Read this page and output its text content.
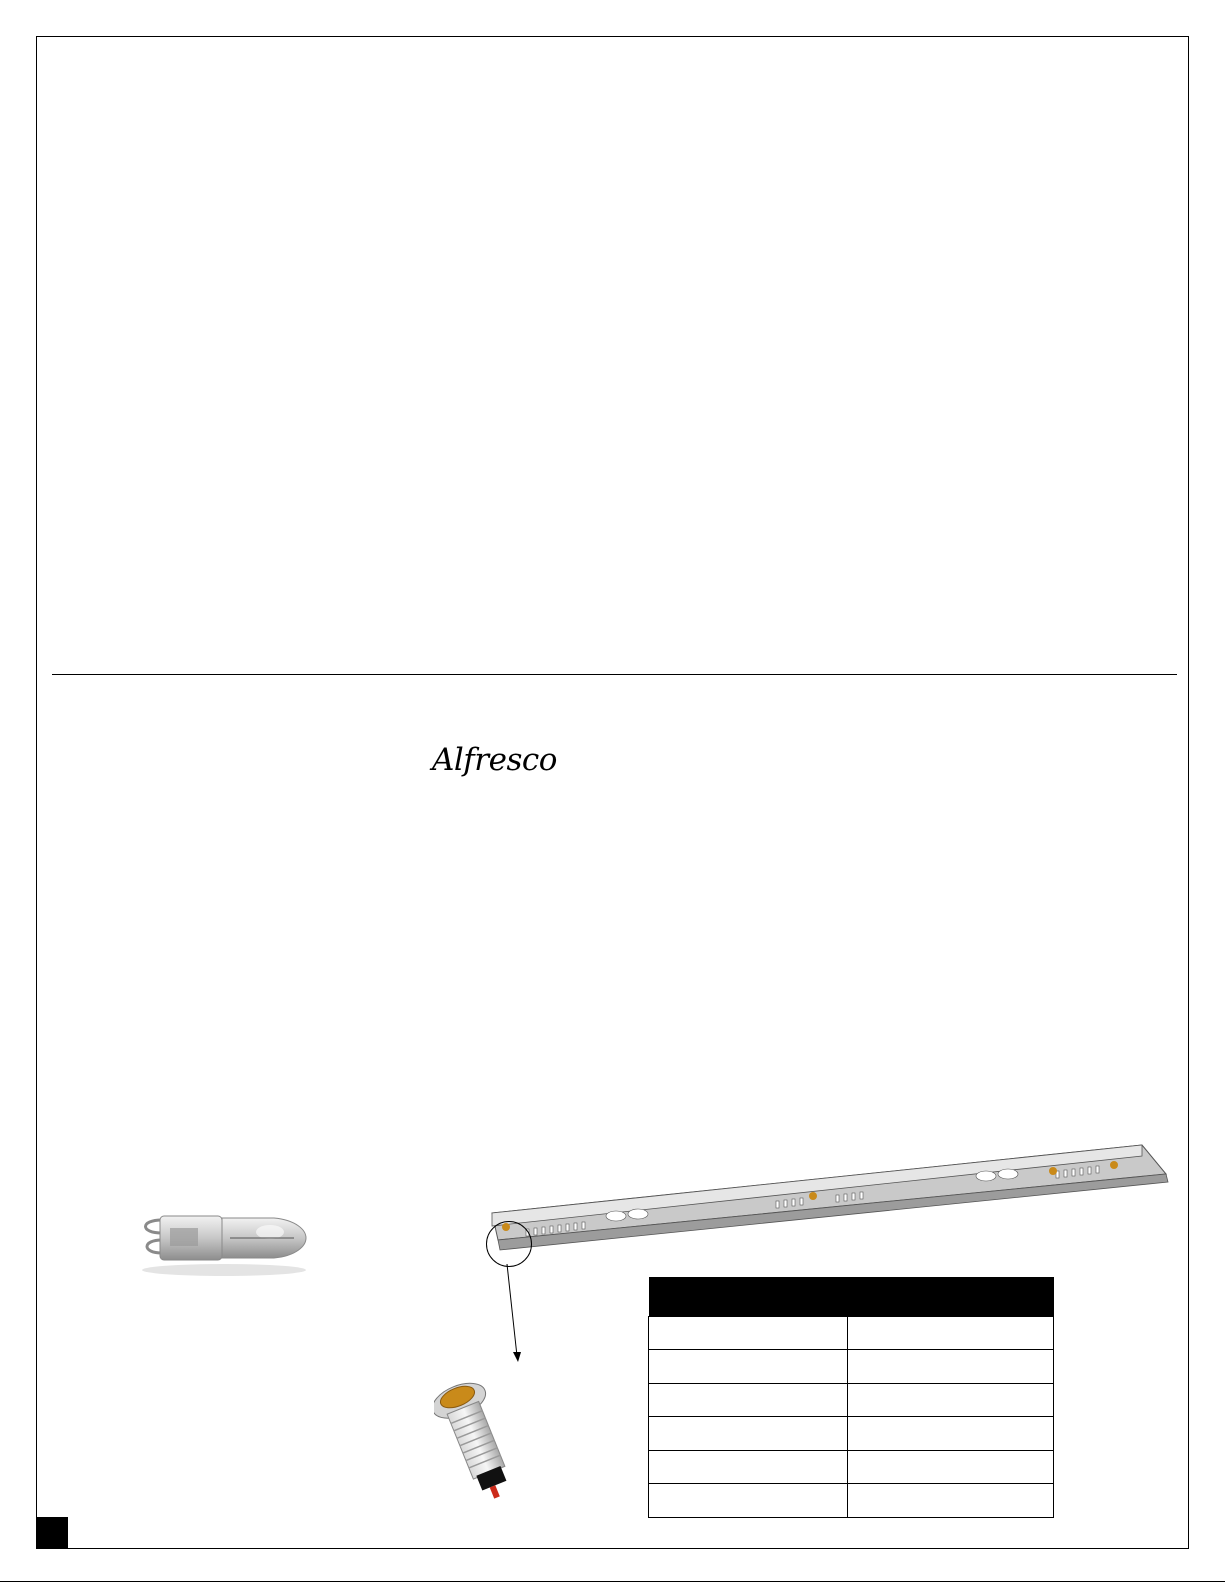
Alfresco
